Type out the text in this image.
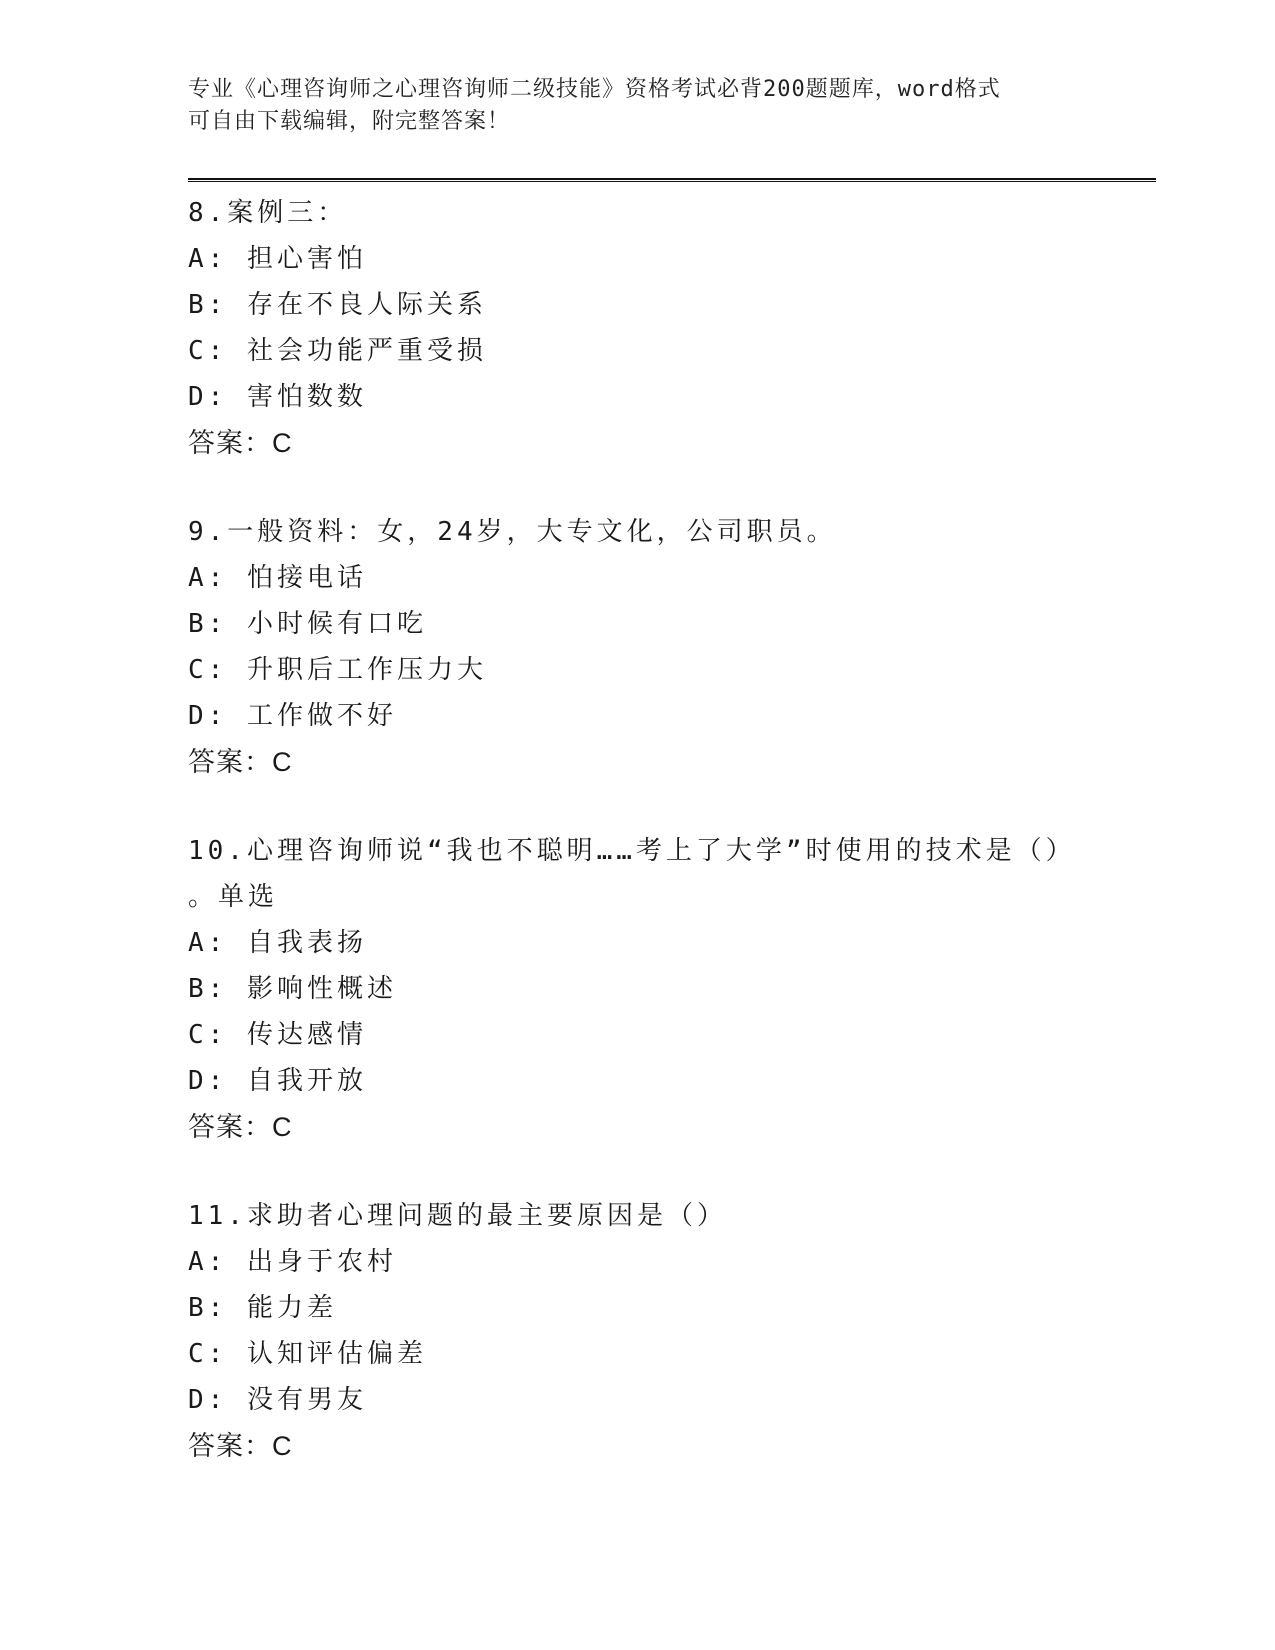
专业《心理咨询师之心理咨询师二级技能》资格考试必背200题题库，word格式
可自由下载编辑，附完整答案！
8.案例三：
A: 担心害怕
B: 存在不良人际关系
C: 社会功能严重受损
D: 害怕数数
答案：C
9.一般资料：女，24岁，大专文化，公司职员。
A: 怕接电话
B: 小时候有口吃
C: 升职后工作压力大
D: 工作做不好
答案：C
10.心理咨询师说“我也不聪明……考上了大学”时使用的技术是（）
。单选
A: 自我表扬
B: 影响性概述
C: 传达感情
D: 自我开放
答案：C
11.求助者心理问题的最主要原因是（）
A: 出身于农村
B: 能力差
C: 认知评估偏差
D: 没有男友
答案：C
